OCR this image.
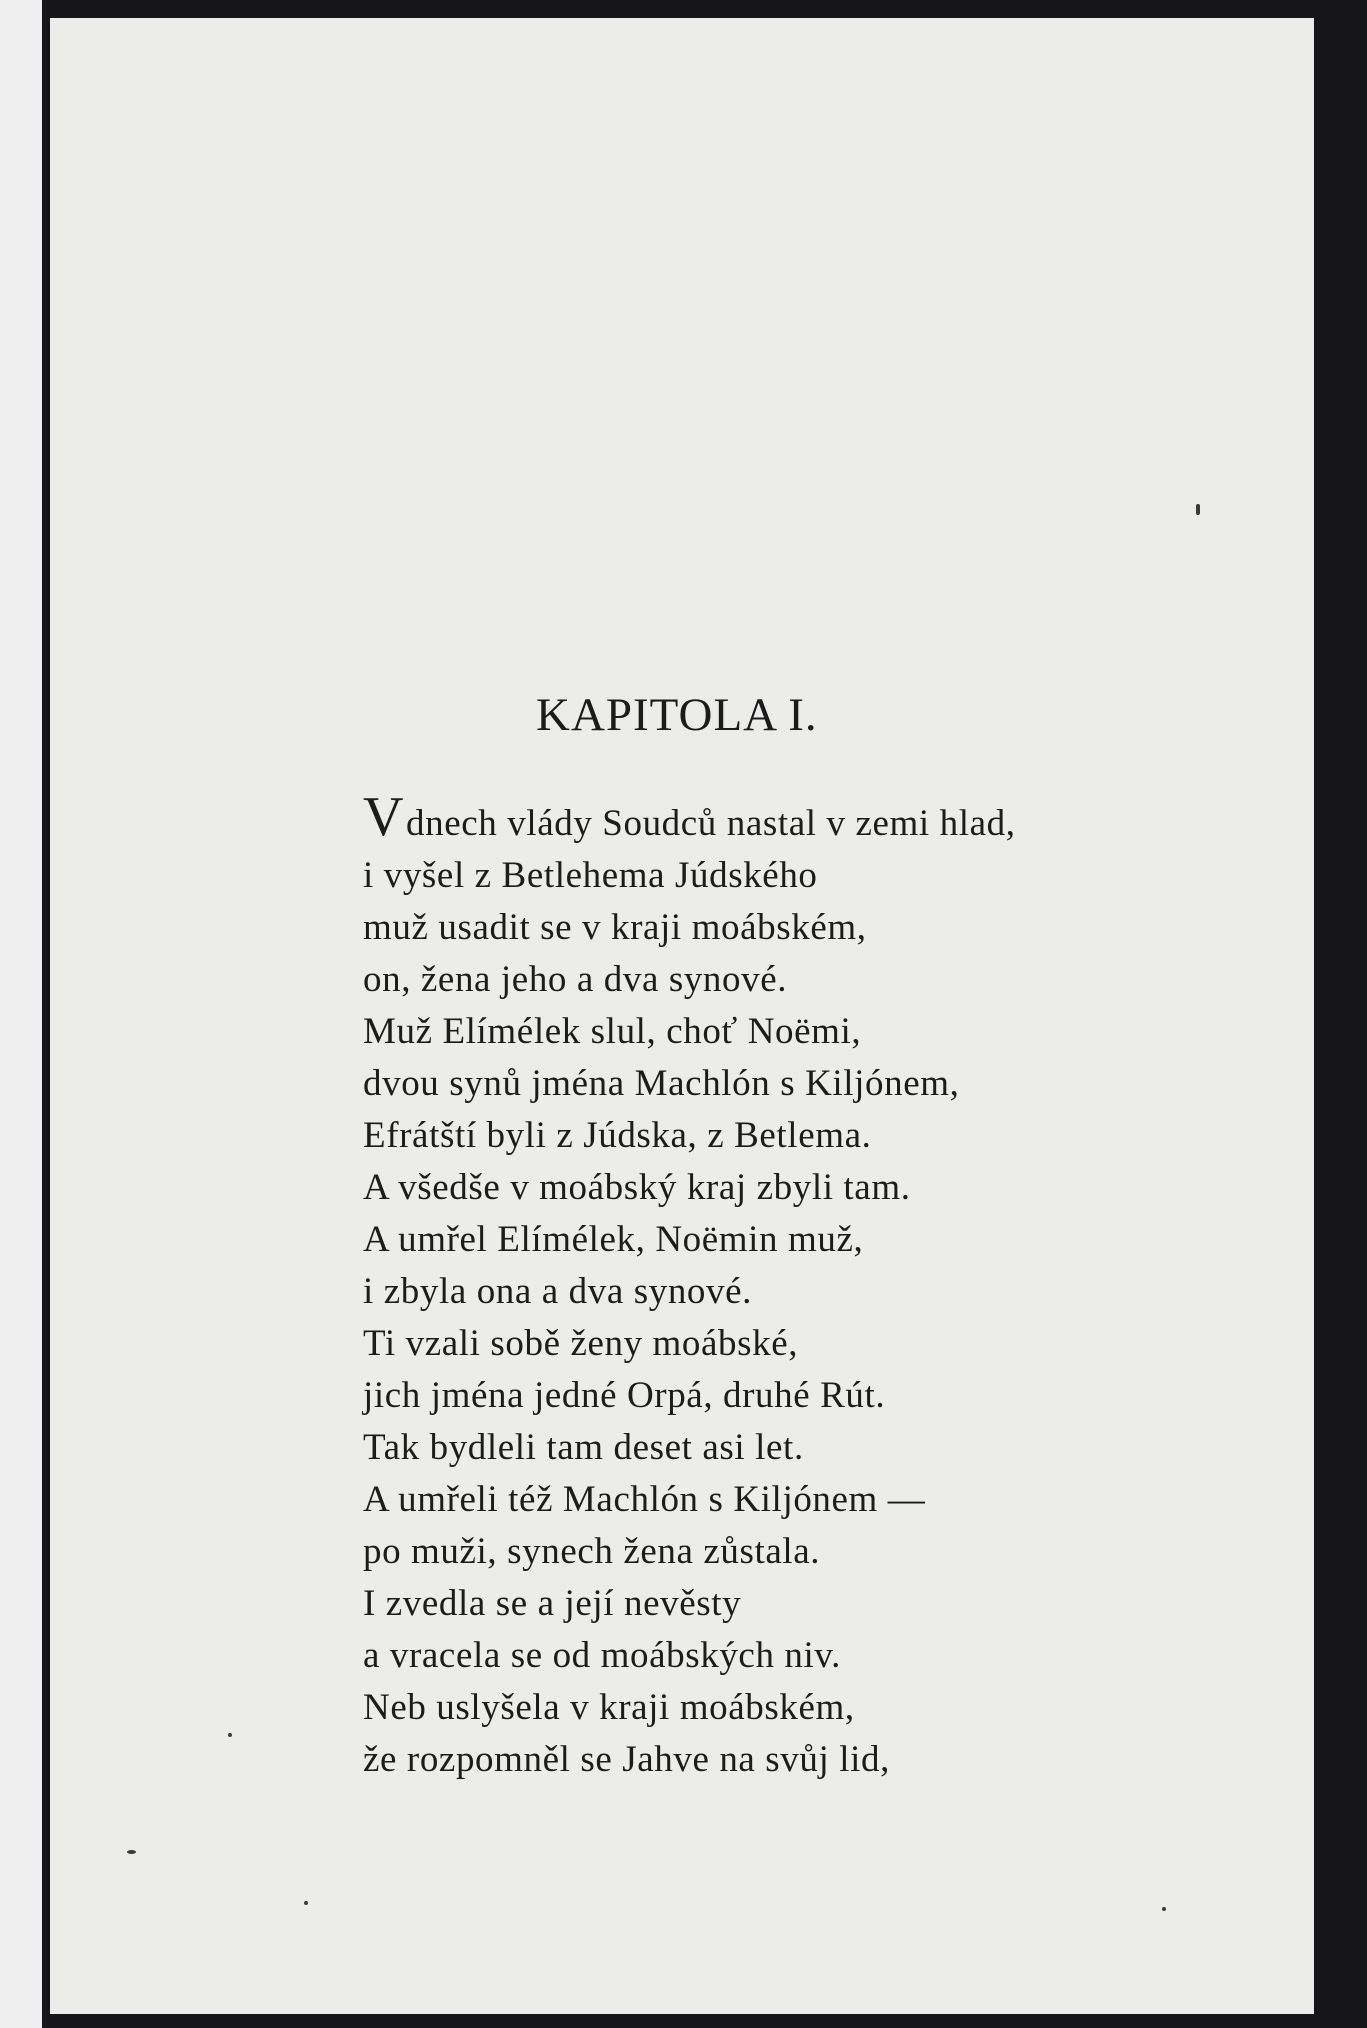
KAPITOLA I.
Vdnech vlády Soudců nastal v zemi hlad,
i vyšel z Betlehema Júdského
muž usadit se v kraji moábském,
on, žena jeho a dva synové.
Muž Elímélek slul, choť Noëmi,
dvou synů jména Machlón s Kiljónem,
Efrátští byli z Júdska, z Betlema.
A všedše v moábský kraj zbyli tam.
A umřel Elímélek, Noëmin muž,
i zbyla ona a dva synové.
Ti vzali sobě ženy moábské,
jich jména jedné Orpá, druhé Rút.
Tak bydleli tam deset asi let.
A umřeli též Machlón s Kiljónem —
po muži, synech žena zůstala.
I zvedla se a její nevěsty
a vracela se od moábských niv.
Neb uslyšela v kraji moábském,
že rozpomněl se Jahve na svůj lid,
